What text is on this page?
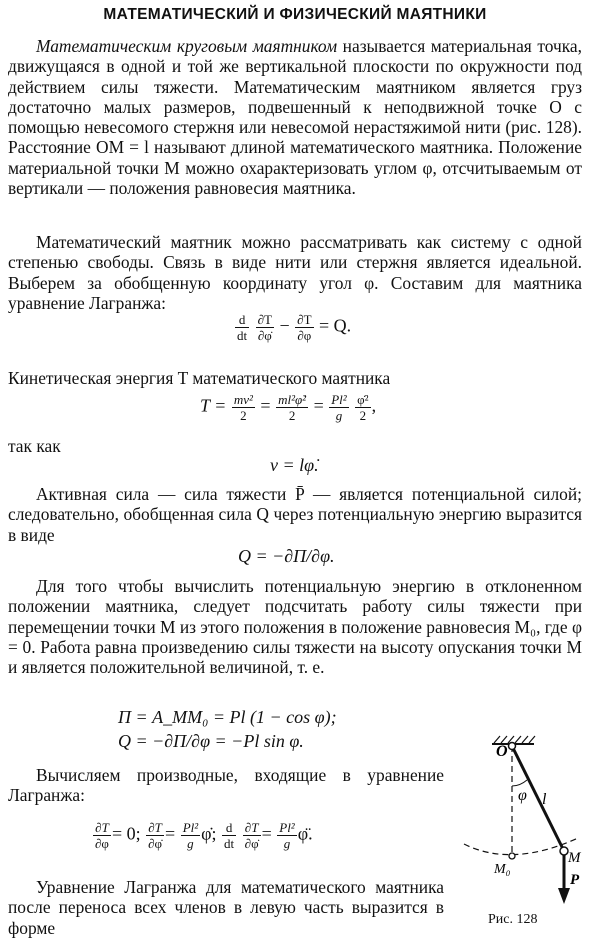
МАТЕМАТИЧЕСКИЙ И ФИЗИЧЕСКИЙ МАЯТНИКИ
Математическим круговым маятником называется материальная точка, движущаяся в одной и той же вертикальной плоскости по окружности под действием силы тяжести. Математическим маятником является груз достаточно малых размеров, подвешенный к неподвижной точке O с помощью невесомого стержня или невесомой нерастяжимой нити (рис. 128). Расстояние OM = l называют длиной математического маятника. Положение материальной точки M можно охарактеризовать углом φ, отсчитываемым от вертикали — положения равновесия маятника.
Математический маятник можно рассматривать как систему с одной степенью свободы. Связь в виде нити или стержня является идеальной. Выберем за обобщенную координату угол φ. Составим для маятника уравнение Лагранжа:
$\frac{d}{dt}$
$\frac{\partial T}{\partial\varphi̇} - \frac{\partial T}{\partial\varphi} = Q$.
Кинетическая энергия T математического маятника
$T = \frac{\text{mv²}}{2} = \frac{\text{ml²φ̇²}}{2} = \frac{\text{Pl²}}{g}$
$\frac{\text{φ̇²}}{2}$ ,
так как
v = lφ̇.
Активная сила — сила тяжести P̄ — является потенциальной силой; следовательно, обобщенная сила Q через потенциальную энергию выразится в виде
Q = −∂Π/∂φ.
Для того чтобы вычислить потенциальную энергию в отклоненном положении маятника, следует подсчитать работу силы тяжести при перемещении точки M из этого положения в положение равновесия M₀, где φ = 0. Работа равна произведению силы тяжести на высоту опускания точки M и является положительной величиной, т. е.
Π = A_MM₀ = Pl (1 − cos φ);
Q = −∂Π/∂φ = −Pl sin φ.
Вычисляем производные, входящие в уравнение Лагранжа:
$\frac{\partial T}{\partial\varphi} = 0$; $\frac{\partial T}{\partial\varphi̇} = \frac{\text{Pl²}}{g}$ φ̇; $\frac{d}{dt}$
$\frac{\partial T}{\partial\varphi̇} = \frac{\text{Pl²}}{g}$ φ̈.
Уравнение Лагранжа для математического маятника после переноса всех членов в левую часть выразится в форме
O
φ l
M
M₀
P
Рис. 128
